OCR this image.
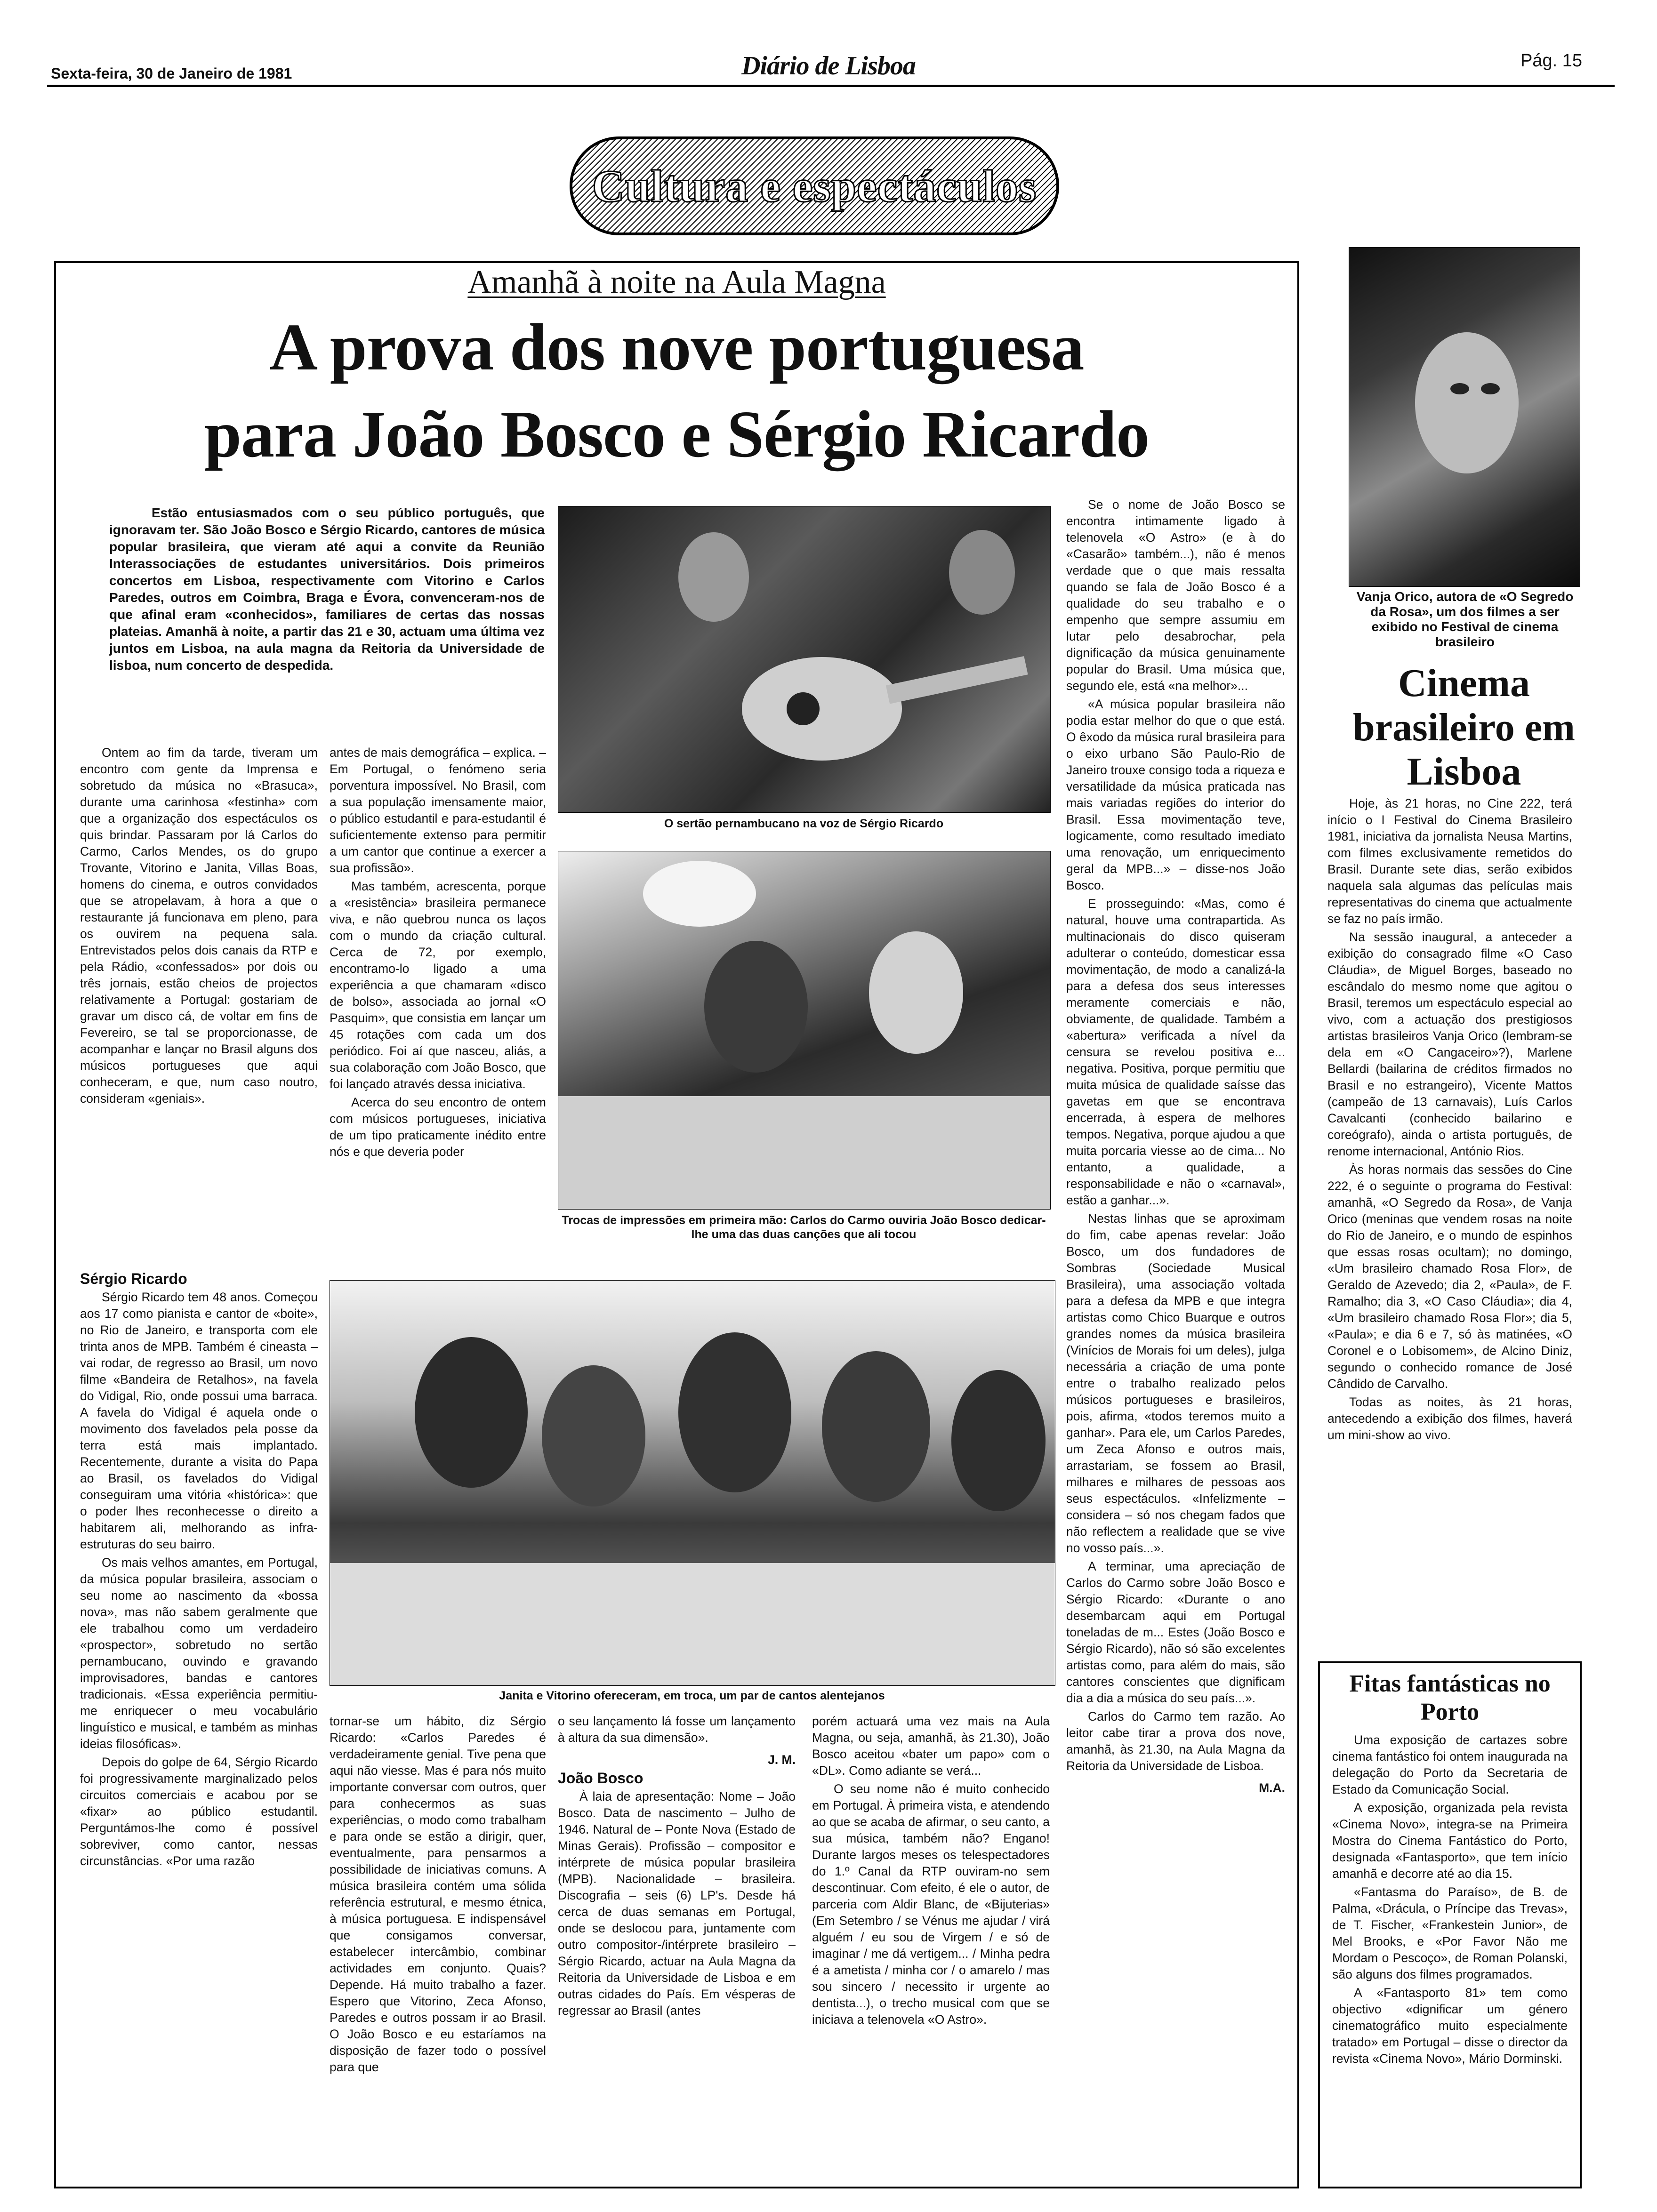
Sexta-feira, 30 de Janeiro de 1981	Diário de Lisboa	Pág. 15
Cultura e espectáculos
Amanhã à noite na Aula Magna
A prova dos nove portuguesa
para João Bosco e Sérgio Ricardo

Estão entusiasmados com o seu público português, que ignoravam ter. São João Bosco e Sérgio Ricardo, cantores de música popular brasileira, que vieram até aqui a convite da Reunião Interassociações de estudantes universitários. Dois primeiros concertos em Lisboa, respectivamente com Vitorino e Carlos Paredes, outros em Coimbra, Braga e Évora, convenceram-nos de que afinal eram «conhecidos», familiares de certas das nossas plateias. Amanhã à noite, a partir das 21 e 30, actuam uma última vez juntos em Lisboa, na aula magna da Reitoria da Universidade de lisboa, num concerto de despedida.

Ontem ao fim da tarde, tiveram um encontro com gente da Imprensa e sobretudo da música no «Brasuca», durante uma carinhosa «festinha» com que a organização dos espectáculos os quis brindar. Passaram por lá Carlos do Carmo, Carlos Mendes, os do grupo Trovante, Vitorino e Janita, Villas Boas, homens do cinema, e outros convidados que se atropelavam, à hora a que o restaurante já funcionava em pleno, para os ouvirem na pequena sala. Entrevistados pelos dois canais da RTP e pela Rádio, «confessados» por dois ou três jornais, estão cheios de projectos relativamente a Portugal: gostariam de gravar um disco cá, de voltar em fins de Fevereiro, se tal se proporcionasse, de acompanhar e lançar no Brasil alguns dos músicos portugueses que aqui conheceram, e que, num caso noutro, consideram «geniais».

antes de mais demográfica – explica. – Em Portugal, o fenómeno seria porventura impossível. No Brasil, com a sua população imensamente maior, o público estudantil e para-estudantil é suficientemente extenso para permitir a um cantor que continue a exercer a sua profissão».

Mas também, acrescenta, porque a «resistência» brasileira permanece viva, e não quebrou nunca os laços com o mundo da criação cultural. Cerca de 72, por exemplo, encontramo-lo ligado a uma experiência a que chamaram «disco de bolso», associada ao jornal «O Pasquim», que consistia em lançar um 45 rotações com cada um dos periódico. Foi aí que nasceu, aliás, a sua colaboração com João Bosco, que foi lançado através dessa iniciativa.

Acerca do seu encontro de ontem com músicos portugueses, iniciativa de um tipo praticamente inédito entre nós e que deveria poder

Sérgio Ricardo

Sérgio Ricardo tem 48 anos. Começou aos 17 como pianista e cantor de «boite», no Rio de Janeiro, e transporta com ele trinta anos de MPB. Também é cineasta – vai rodar, de regresso ao Brasil, um novo filme «Bandeira de Retalhos», na favela do Vidigal, Rio, onde possui uma barraca. A favela do Vidigal é aquela onde o movimento dos favelados pela posse da terra está mais implantado. Recentemente, durante a visita do Papa ao Brasil, os favelados do Vidigal conseguiram uma vitória «histórica»: que o poder lhes reconhecesse o direito a habitarem ali, melhorando as infra-estruturas do seu bairro.

Os mais velhos amantes, em Portugal, da música popular brasileira, associam o seu nome ao nascimento da «bossa nova», mas não sabem geralmente que ele trabalhou como um verdadeiro «prospector», sobretudo no sertão pernambucano, ouvindo e gravando improvisadores, bandas e cantores tradicionais. «Essa experiência permitiu-me enriquecer o meu vocabulário linguístico e musical, e também as minhas ideias filosóficas».

Depois do golpe de 64, Sérgio Ricardo foi progressivamente marginalizado pelos circuitos comerciais e acabou por se «fixar» ao público estudantil. Perguntámos-lhe como é possível sobreviver, como cantor, nessas circunstâncias. «Por uma razão

O sertão pernambucano na voz de Sérgio Ricardo
Trocas de impressões em primeira mão: Carlos do Carmo ouviria João Bosco dedicar-lhe uma das duas canções que ali tocou
Janita e Vitorino ofereceram, em troca, um par de cantos alentejanos

tornar-se um hábito, diz Sérgio Ricardo: «Carlos Paredes é verdadeiramente genial. Tive pena que aqui não viesse. Mas é para nós muito importante conversar com outros, quer para conhecermos as suas experiências, o modo como trabalham e para onde se estão a dirigir, quer, eventualmente, para pensarmos a possibilidade de iniciativas comuns. A música brasileira contém uma sólida referência estrutural, e mesmo étnica, à música portuguesa. E indispensável que consigamos conversar, estabelecer intercâmbio, combinar actividades em conjunto. Quais? Depende. Há muito trabalho a fazer. Espero que Vitorino, Zeca Afonso, Paredes e outros possam ir ao Brasil. O João Bosco e eu estaríamos na disposição de fazer todo o possível para que

o seu lançamento lá fosse um lançamento à altura da sua dimensão».

J. M.

João Bosco

À laia de apresentação: Nome – João Bosco. Data de nascimento – Julho de 1946. Natural de – Ponte Nova (Estado de Minas Gerais). Profissão – compositor e intérprete de música popular brasileira (MPB). Nacionalidade – brasileira. Discografia – seis (6) LP's. Desde há cerca de duas semanas em Portugal, onde se deslocou para, juntamente com outro compositor-/intérprete brasileiro – Sérgio Ricardo, actuar na Aula Magna da Reitoria da Universidade de Lisboa e em outras cidades do País. Em vésperas de regressar ao Brasil (antes

porém actuará uma vez mais na Aula Magna, ou seja, amanhã, às 21.30), João Bosco aceitou «bater um papo» com o «DL». Como adiante se verá...

O seu nome não é muito conhecido em Portugal. À primeira vista, e atendendo ao que se acaba de afirmar, o seu canto, a sua música, também não? Engano! Durante largos meses os telespectadores do 1.º Canal da RTP ouviram-no sem descontinuar. Com efeito, é ele o autor, de parceria com Aldir Blanc, de «Bijuterias» (Em Setembro / se Vénus me ajudar / virá alguém / eu sou de Virgem / e só de imaginar / me dá vertigem... / Minha pedra é a ametista / minha cor / o amarelo / mas sou sincero / necessito ir urgente ao dentista...), o trecho musical com que se iniciava a telenovela «O Astro».

Se o nome de João Bosco se encontra intimamente ligado à telenovela «O Astro» (e à do «Casarão» também...), não é menos verdade que o que mais ressalta quando se fala de João Bosco é a qualidade do seu trabalho e o empenho que sempre assumiu em lutar pelo desabrochar, pela dignificação da música genuinamente popular do Brasil. Uma música que, segundo ele, está «na melhor»...

«A música popular brasileira não podia estar melhor do que o que está. O êxodo da música rural brasileira para o eixo urbano São Paulo-Rio de Janeiro trouxe consigo toda a riqueza e versatilidade da música praticada nas mais variadas regiões do interior do Brasil. Essa movimentação teve, logicamente, como resultado imediato uma renovação, um enriquecimento geral da MPB...» – disse-nos João Bosco.

E prosseguindo: «Mas, como é natural, houve uma contrapartida. As multinacionais do disco quiseram adulterar o conteúdo, domesticar essa movimentação, de modo a canalizá-la para a defesa dos seus interesses meramente comerciais e não, obviamente, de qualidade. Também a «abertura» verificada a nível da censura se revelou positiva e... negativa. Positiva, porque permitiu que muita música de qualidade saísse das gavetas em que se encontrava encerrada, à espera de melhores tempos. Negativa, porque ajudou a que muita porcaria viesse ao de cima... No entanto, a qualidade, a responsabilidade e não o «carnaval», estão a ganhar...».

Nestas linhas que se aproximam do fim, cabe apenas revelar: João Bosco, um dos fundadores de Sombras (Sociedade Musical Brasileira), uma associação voltada para a defesa da MPB e que integra artistas como Chico Buarque e outros grandes nomes da música brasileira (Vinícios de Morais foi um deles), julga necessária a criação de uma ponte entre o trabalho realizado pelos músicos portugueses e brasileiros, pois, afirma, «todos teremos muito a ganhar». Para ele, um Carlos Paredes, um Zeca Afonso e outros mais, arrastariam, se fossem ao Brasil, milhares e milhares de pessoas aos seus espectáculos. «Infelizmente – considera – só nos chegam fados que não reflectem a realidade que se vive no vosso país...».

A terminar, uma apreciação de Carlos do Carmo sobre João Bosco e Sérgio Ricardo: «Durante o ano desembarcam aqui em Portugal toneladas de m... Estes (João Bosco e Sérgio Ricardo), não só são excelentes artistas como, para além do mais, são cantores conscientes que dignificam dia a dia a música do seu país...».

Carlos do Carmo tem razão. Ao leitor cabe tirar a prova dos nove, amanhã, às 21.30, na Aula Magna da Reitoria da Universidade de Lisboa.

M.A.

Vanja Orico, autora de «O Segredo da Rosa», um dos filmes a ser exibido no Festival de cinema brasileiro
Cinema brasileiro em Lisboa

Hoje, às 21 horas, no Cine 222, terá início o I Festival do Cinema Brasileiro 1981, iniciativa da jornalista Neusa Martins, com filmes exclusivamente remetidos do Brasil. Durante sete dias, serão exibidos naquela sala algumas das películas mais representativas do cinema que actualmente se faz no país irmão.

Na sessão inaugural, a anteceder a exibição do consagrado filme «O Caso Cláudia», de Miguel Borges, baseado no escândalo do mesmo nome que agitou o Brasil, teremos um espectáculo especial ao vivo, com a actuação dos prestigiosos artistas brasileiros Vanja Orico (lembram-se dela em «O Cangaceiro»?), Marlene Bellardi (bailarina de créditos firmados no Brasil e no estrangeiro), Vicente Mattos (campeão de 13 carnavais), Luís Carlos Cavalcanti (conhecido bailarino e coreógrafo), ainda o artista português, de renome internacional, António Rios.

Às horas normais das sessões do Cine 222, é o seguinte o programa do Festival: amanhã, «O Segredo da Rosa», de Vanja Orico (meninas que vendem rosas na noite do Rio de Janeiro, e o mundo de espinhos que essas rosas ocultam); no domingo, «Um brasileiro chamado Rosa Flor», de Geraldo de Azevedo; dia 2, «Paula», de F. Ramalho; dia 3, «O Caso Cláudia»; dia 4, «Um brasileiro chamado Rosa Flor»; dia 5, «Paula»; e dia 6 e 7, só às matinées, «O Coronel e o Lobisomem», de Alcino Diniz, segundo o conhecido romance de José Cândido de Carvalho.

Todas as noites, às 21 horas, antecedendo a exibição dos filmes, haverá um mini-show ao vivo.

Fitas fantásticas no Porto

Uma exposição de cartazes sobre cinema fantástico foi ontem inaugurada na delegação do Porto da Secretaria de Estado da Comunicação Social.

A exposição, organizada pela revista «Cinema Novo», integra-se na Primeira Mostra do Cinema Fantástico do Porto, designada «Fantasporto», que tem início amanhã e decorre até ao dia 15.

«Fantasma do Paraíso», de B. de Palma, «Drácula, o Príncipe das Trevas», de T. Fischer, «Frankestein Junior», de Mel Brooks, e «Por Favor Não me Mordam o Pescoço», de Roman Polanski, são alguns dos filmes programados.

A «Fantasporto 81» tem como objectivo «dignificar um género cinematográfico muito especialmente tratado» em Portugal – disse o director da revista «Cinema Novo», Mário Dorminski.
